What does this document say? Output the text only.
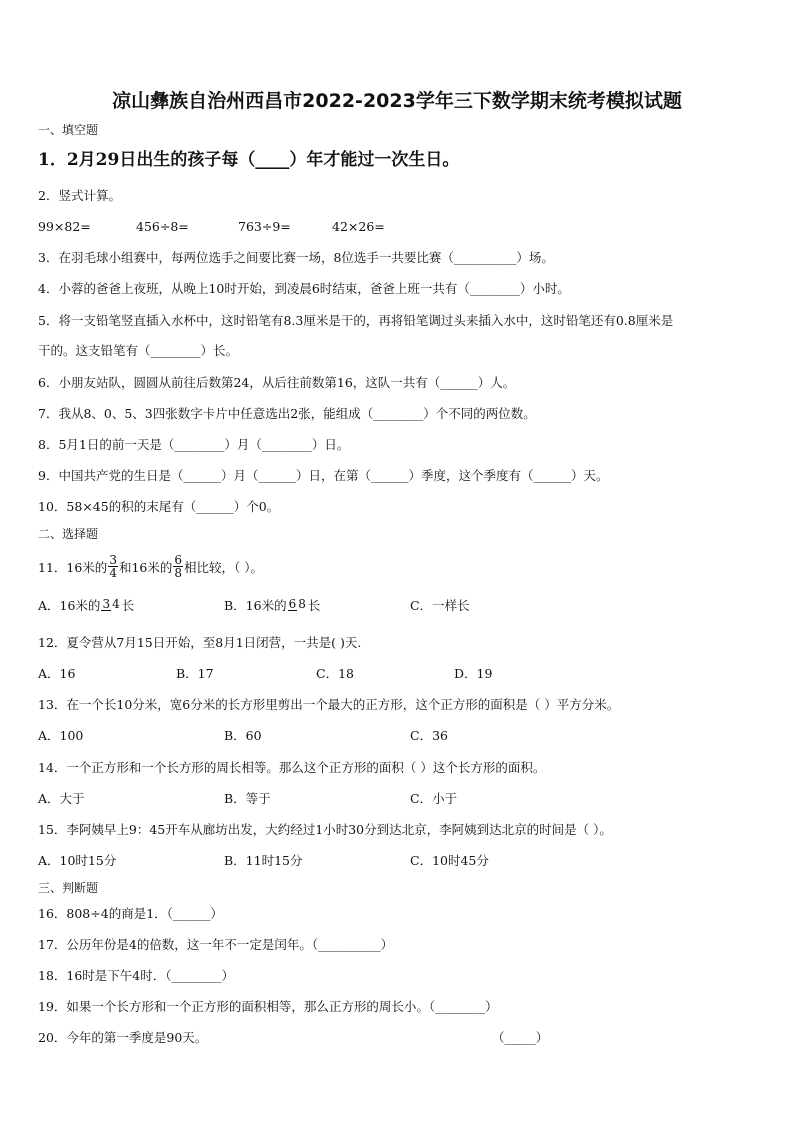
凉山彝族自治州西昌市2022-2023学年三下数学期末统考模拟试题
一、填空题
1．2月29日出生的孩子每（____）年才能过一次生日。
2．竖式计算。
99×82=	456÷8=	763÷9=	42×26=
3．在羽毛球小组赛中，每两位选手之间要比赛一场，8位选手一共要比赛（__________）场。
4．小蓉的爸爸上夜班，从晚上10时开始，到凌晨6时结束，爸爸上班一共有（________）小时。
5．将一支铅笔竖直插入水杯中，这时铅笔有8.3厘米是干的，再将铅笔调过头来插入水中，这时铅笔还有0.8厘米是
干的。这支铅笔有（________）长。
6．小朋友站队，圆圆从前往后数第24，从后往前数第16，这队一共有（______）人。
7．我从8、0、5、3四张数字卡片中任意选出2张，能组成（________）个不同的两位数。
8．5月1日的前一天是（________）月（________）日。
9．中国共产党的生日是（______）月（______）日，在第（______）季度，这个季度有（______）天。
10．58×45的积的末尾有（______）个0。
二、选择题
11．16米的 $\frac{3}{4}$ 和16米的 $\frac{6}{8}$ 相比较，（ ）。
A．16米的 3 4 长	B．16米的 6 8 长	C．一样长
12．夏令营从7月15日开始，至8月1日闭营，一共是( )天.
A．16	B．17	C．18	D．19
13．在一个长10分米，宽6分米的长方形里剪出一个最大的正方形，这个正方形的面积是（ ）平方分米。
A．100	B．60	C．36
14．一个正方形和一个长方形的周长相等。那么这个正方形的面积（ ）这个长方形的面积。
A．大于	B．等于	C．小于
15．李阿姨早上9：45开车从廊坊出发，大约经过1小时30分到达北京，李阿姨到达北京的时间是（ ）。
A．10时15分	B．11时15分	C．10时45分
三、判断题
16．808÷4的商是1．（______）
17．公历年份是4的倍数，这一年不一定是闰年。（__________）
18．16时是下午4时．（________）
19．如果一个长方形和一个正方形的面积相等，那么正方形的周长小。（________）
20．今年的第一季度是90天。	（_____）
